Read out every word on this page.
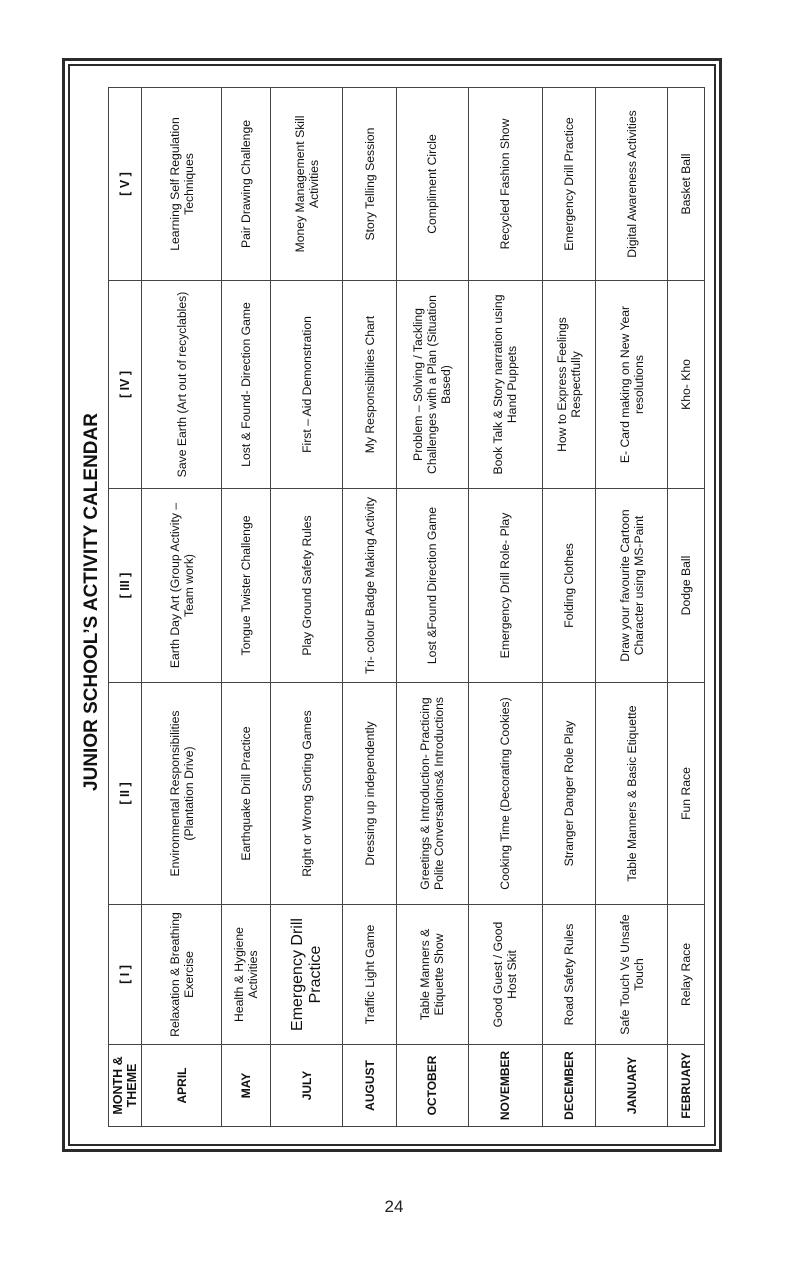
JUNIOR SCHOOL’S ACTIVITY CALENDAR
MONTH & THEME	[ I ]	[ II ]	[ III ]	[ IV ]	[ V ]
APRIL	Relaxation & Breathing Exercise	Environmental Responsibilities (Plantation Drive)	Earth Day Art (Group Activity – Team work)	Save Earth (Art out of recyclables)	Learning Self Regulation Techniques
MAY	Health & Hygiene Activities	Earthquake Drill Practice	Tongue Twister Challenge	Lost & Found- Direction Game	Pair Drawing Challenge
JULY	Emergency Drill Practice	Right or Wrong Sorting Games	Play Ground Safety Rules	First – Aid Demonstration	Money Management Skill Activities
AUGUST	Traffic Light Game	Dressing up independently	Tri- colour Badge Making Activity	My Responsibilities Chart	Story Telling Session
OCTOBER	Table Manners & Etiquette Show	Greetings & Introduction- Practicing Polite Conversations& Introductions	Lost &Found Direction Game	Problem – Solving / Tackling Challenges with a Plan (Situation Based)	Compliment Circle
NOVEMBER	Good Guest / Good Host Skit	Cooking Time (Decorating Cookies)	Emergency Drill Role- Play	Book Talk & Story narration using Hand Puppets	Recycled Fashion Show
DECEMBER	Road Safety Rules	Stranger Danger Role Play	Folding Clothes	How to Express Feelings Respectfully	Emergency Drill Practice
JANUARY	Safe Touch Vs Unsafe Touch	Table Manners & Basic Etiquette	Draw your favourite Cartoon Character using MS-Paint	E- Card making on New Year resolutions	Digital Awareness Activities
FEBRUARY	Relay Race	Fun Race	Dodge Ball	Kho- Kho	Basket Ball
24
